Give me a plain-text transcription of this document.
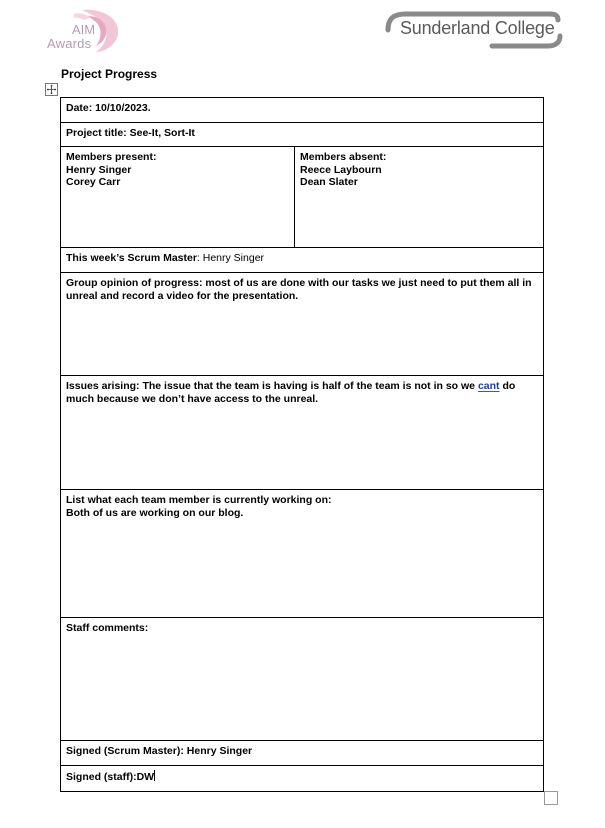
AIM
Awards
Sunderland College
Project Progress
Date: 10/10/2023.
Project title: See-It, Sort-It

Members present:
Henry Singer
Corey Carr

Members absent:
Reece Laybourn
Dean Slater

This week’s Scrum Master: Henry Singer
Group opinion of progress: most of us are done with our tasks we just need to put them all in unreal and record a video for the presentation.
Issues arising: The issue that the team is having is half of the team is not in so we cant do much because we don’t have access to the unreal.

List what each team member is currently working on:
Both of us are working on our blog.

Staff comments:

Signed (Scrum Master): Henry Singer
Signed (staff):DW
